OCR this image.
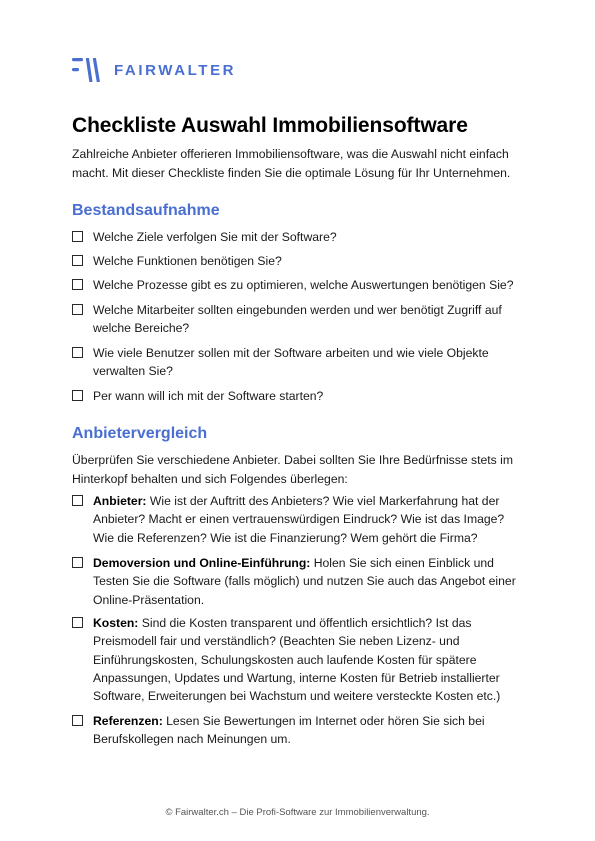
FAIRWALTER
Checkliste Auswahl Immobiliensoftware
Zahlreiche Anbieter offerieren Immobiliensoftware, was die Auswahl nicht einfach macht. Mit dieser Checkliste finden Sie die optimale Lösung für Ihr Unternehmen.
Bestandsaufnahme
Welche Ziele verfolgen Sie mit der Software?
Welche Funktionen benötigen Sie?
Welche Prozesse gibt es zu optimieren, welche Auswertungen benötigen Sie?
Welche Mitarbeiter sollten eingebunden werden und wer benötigt Zugriff auf welche Bereiche?
Wie viele Benutzer sollen mit der Software arbeiten und wie viele Objekte verwalten Sie?
Per wann will ich mit der Software starten?
Anbietervergleich
Überprüfen Sie verschiedene Anbieter. Dabei sollten Sie Ihre Bedürfnisse stets im Hinterkopf behalten und sich Folgendes überlegen:
Anbieter: Wie ist der Auftritt des Anbieters? Wie viel Markerfahrung hat der Anbieter? Macht er einen vertrauenswürdigen Eindruck? Wie ist das Image? Wie die Referenzen? Wie ist die Finanzierung? Wem gehört die Firma?
Demoversion und Online-Einführung: Holen Sie sich einen Einblick und Testen Sie die Software (falls möglich) und nutzen Sie auch das Angebot einer Online-Präsentation.
Kosten: Sind die Kosten transparent und öffentlich ersichtlich? Ist das Preismodell fair und verständlich? (Beachten Sie neben Lizenz- und Einführungskosten, Schulungskosten auch laufende Kosten für spätere Anpassungen, Updates und Wartung, interne Kosten für Betrieb installierter Software, Erweiterungen bei Wachstum und weitere versteckte Kosten etc.)
Referenzen: Lesen Sie Bewertungen im Internet oder hören Sie sich bei Berufskollegen nach Meinungen um.
© Fairwalter.ch – Die Profi-Software zur Immobilienverwaltung.
